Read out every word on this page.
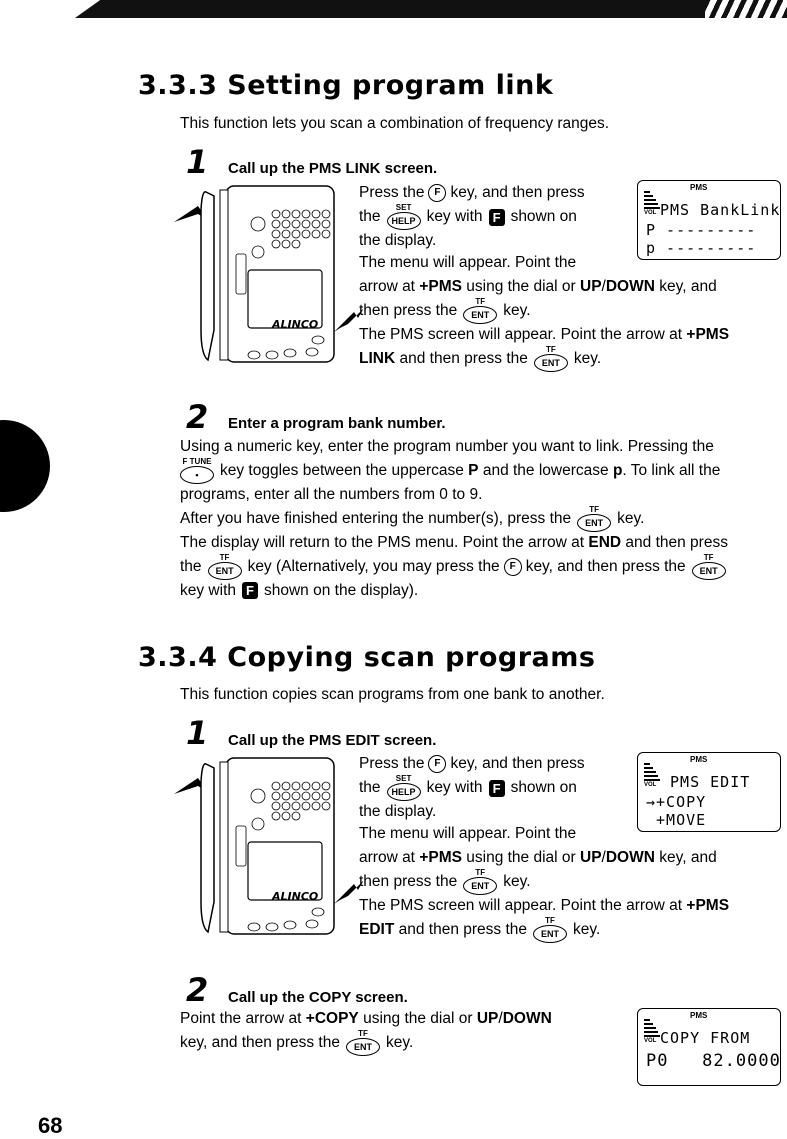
3.3.3 Setting program link
This function lets you scan a combination of frequency ranges.
1 Call up the PMS LINK screen.
ALINCO
Press the F key, and then press
the
SET
HELP key with F shown on
the display.
The menu will appear. Point the
arrow at +PMS using the dial or UP/DOWN key, and
then press the
TF
ENT key.
The PMS screen will appear. Point the arrow at +PMS
LINK and then press the
TF
ENT key.
PMS
VOL PMS BankLink
P ---------
p ---------
2 Enter a program bank number.
Using a numeric key, enter the program number you want to link. Pressing the
F TUNE
• key toggles between the uppercase P and the lowercase p. To link all the
programs, enter all the numbers from 0 to 9.
After you have finished entering the number(s), press the
TF
ENT key.
The display will return to the PMS menu. Point the arrow at END and then press
the
TF
ENT key (Alternatively, you may press the F key, and then press the
TF
ENT
key with F shown on the display).
3.3.4 Copying scan programs
This function copies scan programs from one bank to another.
1 Call up the PMS EDIT screen.
ALINCO
Press the F key, and then press
the
SET
HELP key with F shown on
the display.
The menu will appear. Point the
arrow at +PMS using the dial or UP/DOWN key, and
then press the
TF
ENT key.
The PMS screen will appear. Point the arrow at +PMS
EDIT and then press the
TF
ENT key.
PMS
VOL PMS EDIT
→+COPY
+MOVE
2 Call up the COPY screen.
Point the arrow at +COPY using the dial or UP/DOWN
key, and then press the
TF
ENT key.
PMS
VOL COPY FROM
P0   82.0000
68
